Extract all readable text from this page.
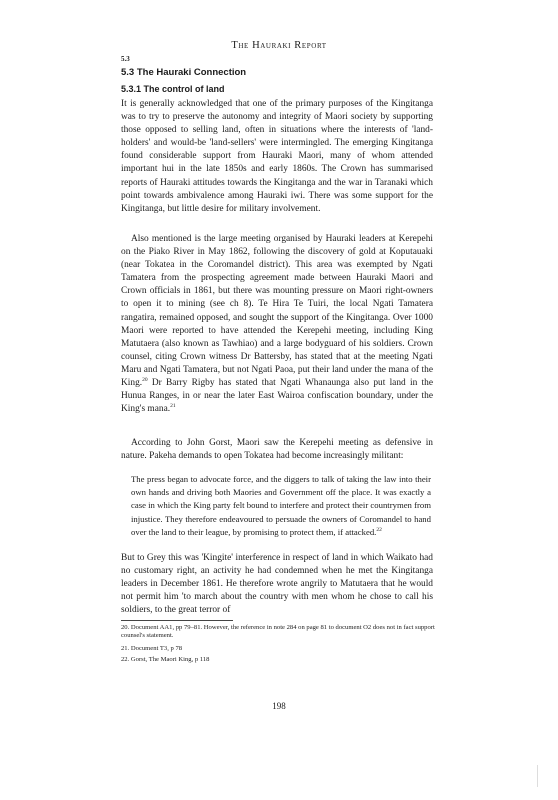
The Hauraki Report
5.3
5.3 The Hauraki Connection
5.3.1 The control of land

It is generally acknowledged that one of the primary purposes of the Kingitanga was to try to preserve the autonomy and integrity of Maori society by supporting those opposed to selling land, often in situations where the interests of 'land-holders' and would-be 'land-sellers' were intermingled. The emerging Kingitanga found considerable support from Hauraki Maori, many of whom attended important hui in the late 1850s and early 1860s. The Crown has summarised reports of Hauraki attitudes towards the Kingitanga and the war in Taranaki which point towards ambivalence among Hauraki iwi. There was some support for the Kingitanga, but little desire for military involvement.

Also mentioned is the large meeting organised by Hauraki leaders at Kerepehi on the Piako River in May 1862, following the discovery of gold at Koputauaki (near Tokatea in the Coromandel district). This area was exempted by Ngati Tamatera from the prospecting agreement made between Hauraki Maori and Crown officials in 1861, but there was mounting pressure on Maori right-owners to open it to mining (see ch 8). Te Hira Te Tuiri, the local Ngati Tamatera rangatira, remained opposed, and sought the support of the Kingitanga. Over 1000 Maori were reported to have attended the Kerepehi meeting, including King Matutaera (also known as Tawhiao) and a large bodyguard of his soldiers. Crown counsel, citing Crown witness Dr Battersby, has stated that at the meeting Ngati Maru and Ngati Tamatera, but not Ngati Paoa, put their land under the mana of the King.$^{20}$ Dr Barry Rigby has stated that Ngati Whanaunga also put land in the Hunua Ranges, in or near the later East Wairoa confiscation boundary, under the King's mana.$^{21}$

According to John Gorst, Maori saw the Kerepehi meeting as defensive in nature. Pakeha demands to open Tokatea had become increasingly militant:

The press began to advocate force, and the diggers to talk of taking the law into their own hands and driving both Maories and Government off the place. It was exactly a case in which the King party felt bound to interfere and protect their countrymen from injustice. They therefore endeavoured to persuade the owners of Coromandel to hand over the land to their league, by promising to protect them, if attacked.$^{22}$

But to Grey this was 'Kingite' interference in respect of land in which Waikato had no customary right, an activity he had condemned when he met the Kingitanga leaders in December 1861. He therefore wrote angrily to Matutaera that he would not permit him 'to march about the country with men whom he chose to call his soldiers, to the great terror of

20. Document AA1, pp 79–81. However, the reference in note 284 on page 81 to document O2 does not in fact support counsel's statement.

21. Document T3, p 78

22. Gorst, The Maori King, p 118

198
